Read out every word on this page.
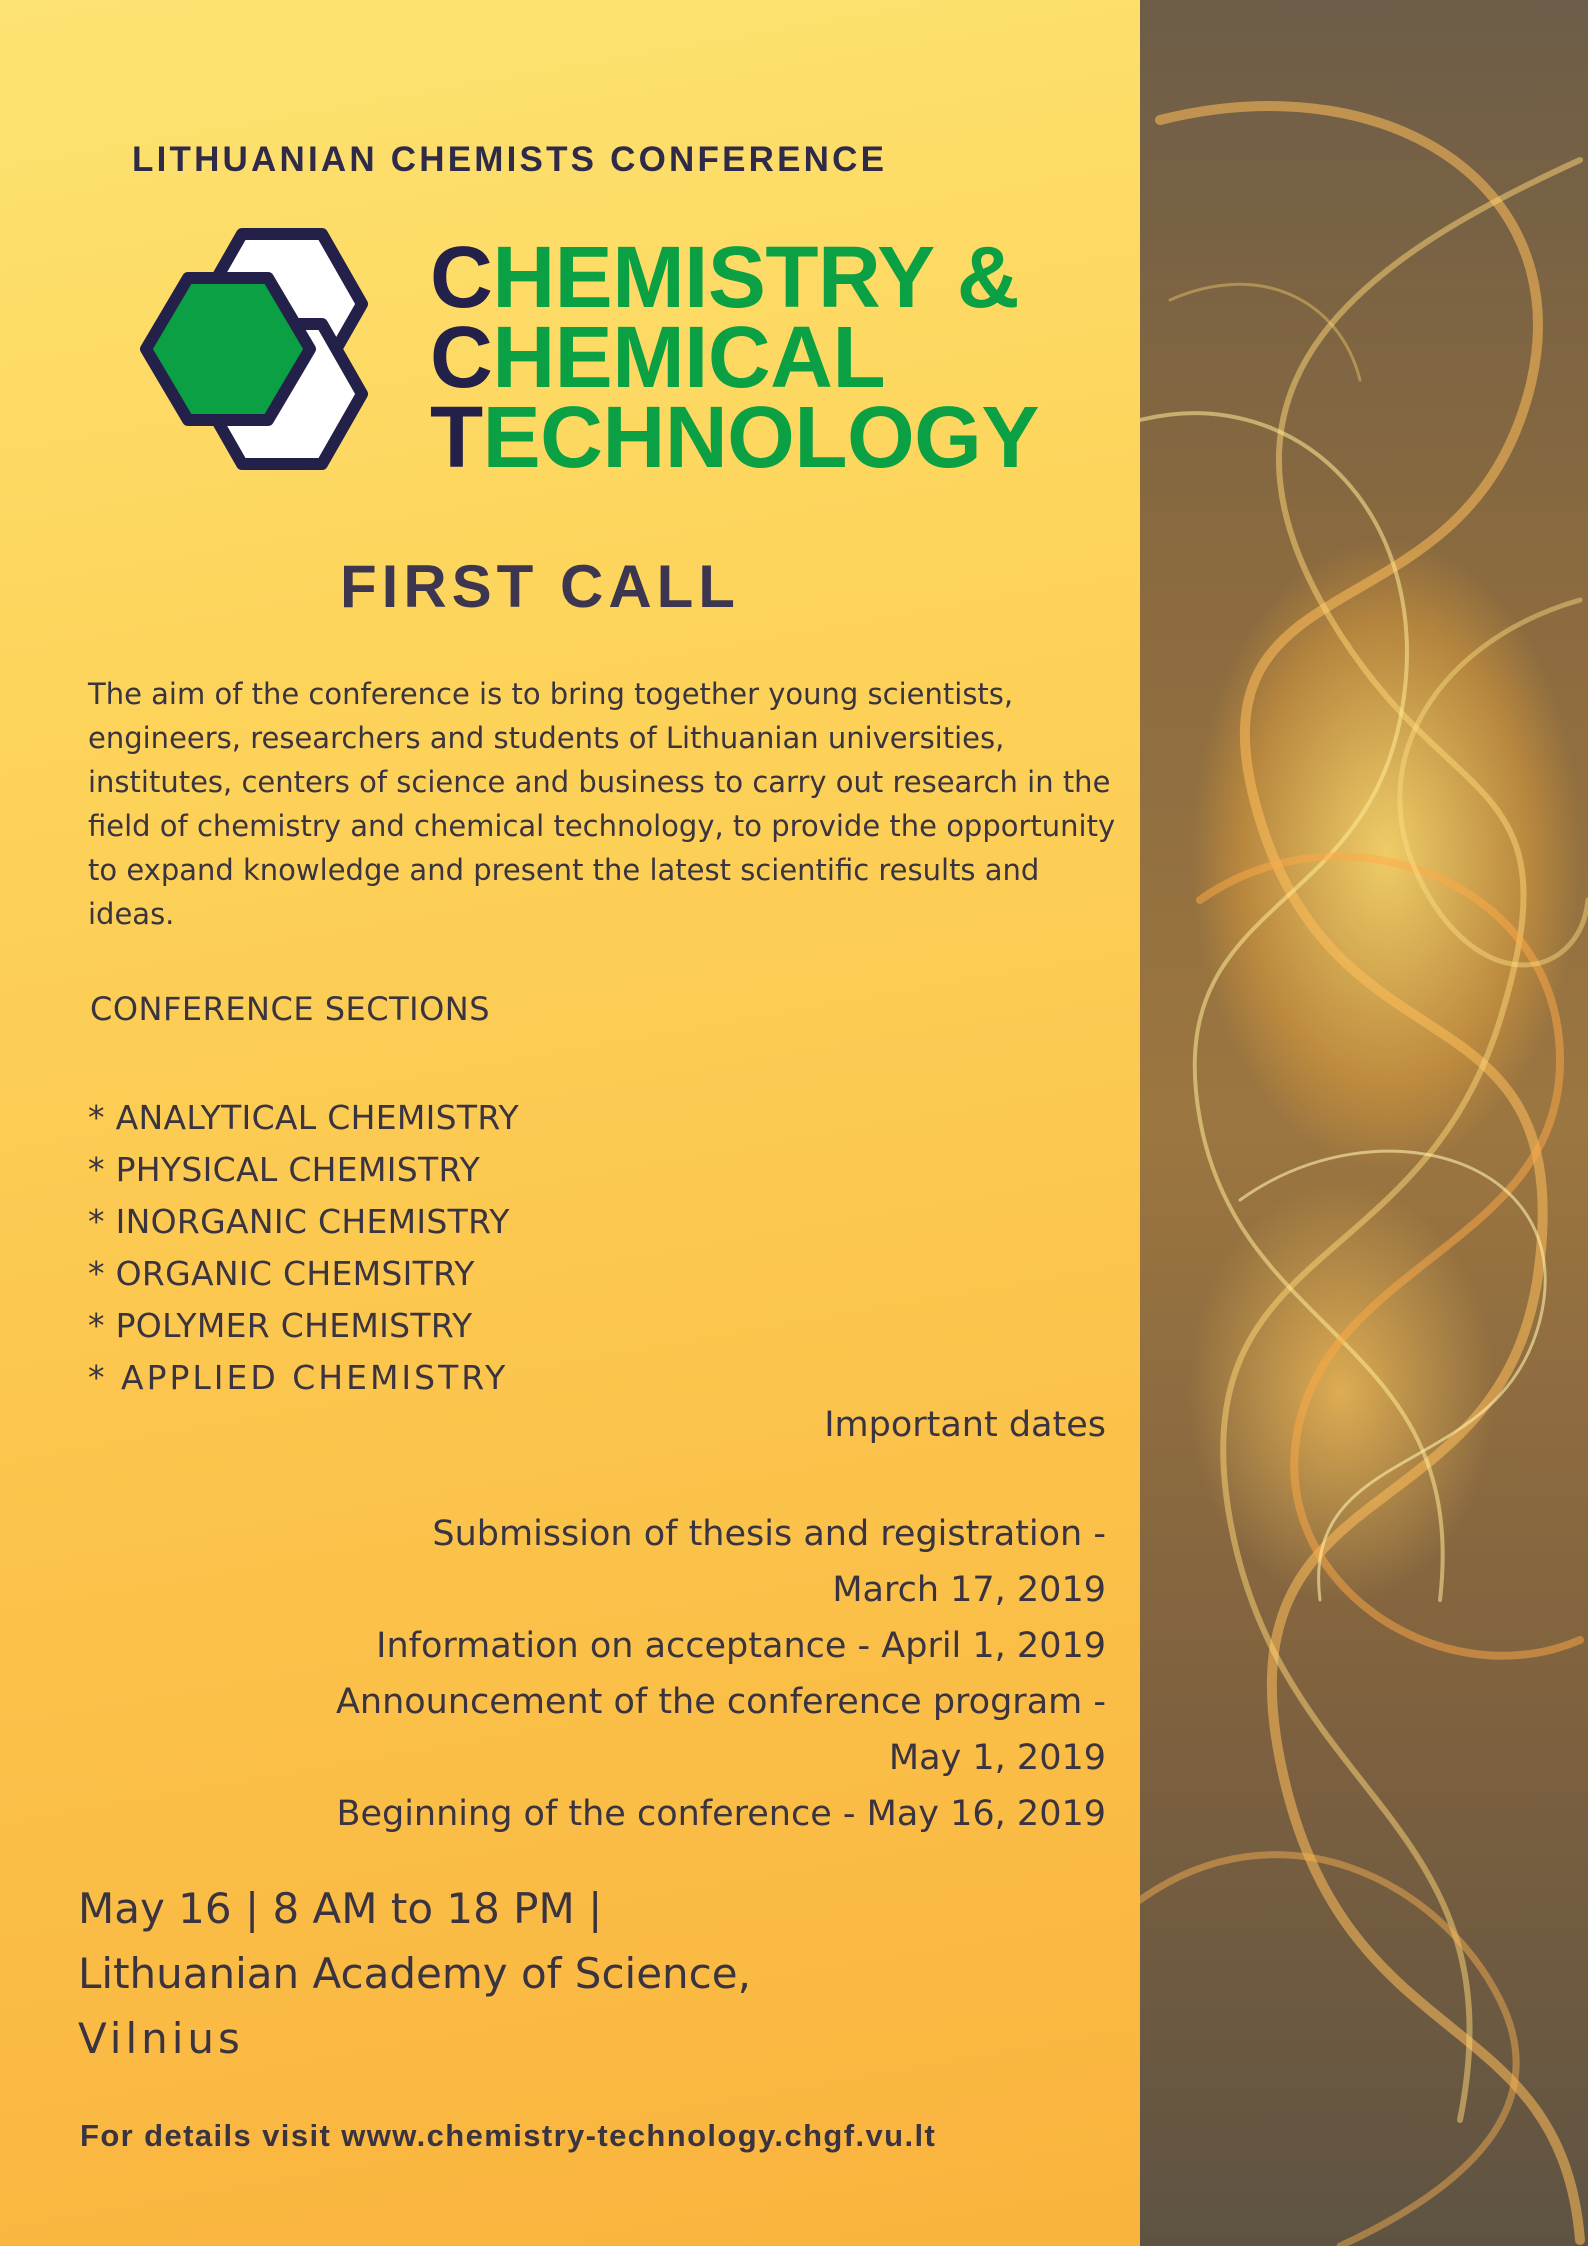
LITHUANIAN CHEMISTS CONFERENCE
CHEMISTRY &
CHEMICAL
TECHNOLOGY
FIRST CALL
The aim of the conference is to bring together young scientists, engineers, researchers and students of Lithuanian universities, institutes, centers of science and business to carry out research in the field of chemistry and chemical technology, to provide the opportunity to expand knowledge and present the latest scientific results and ideas.
CONFERENCE SECTIONS
* ANALYTICAL CHEMISTRY
* PHYSICAL CHEMISTRY
* INORGANIC CHEMISTRY
* ORGANIC CHEMSITRY
* POLYMER CHEMISTRY
* APPLIED CHEMISTRY
Important dates
Submission of thesis and registration -
March 17, 2019
Information on acceptance - April 1, 2019
Announcement of the conference program -
May 1, 2019
Beginning of the conference - May 16, 2019
May 16 | 8 AM to 18 PM |
Lithuanian Academy of Science,
Vilnius
For details visit www.chemistry-technology.chgf.vu.lt
